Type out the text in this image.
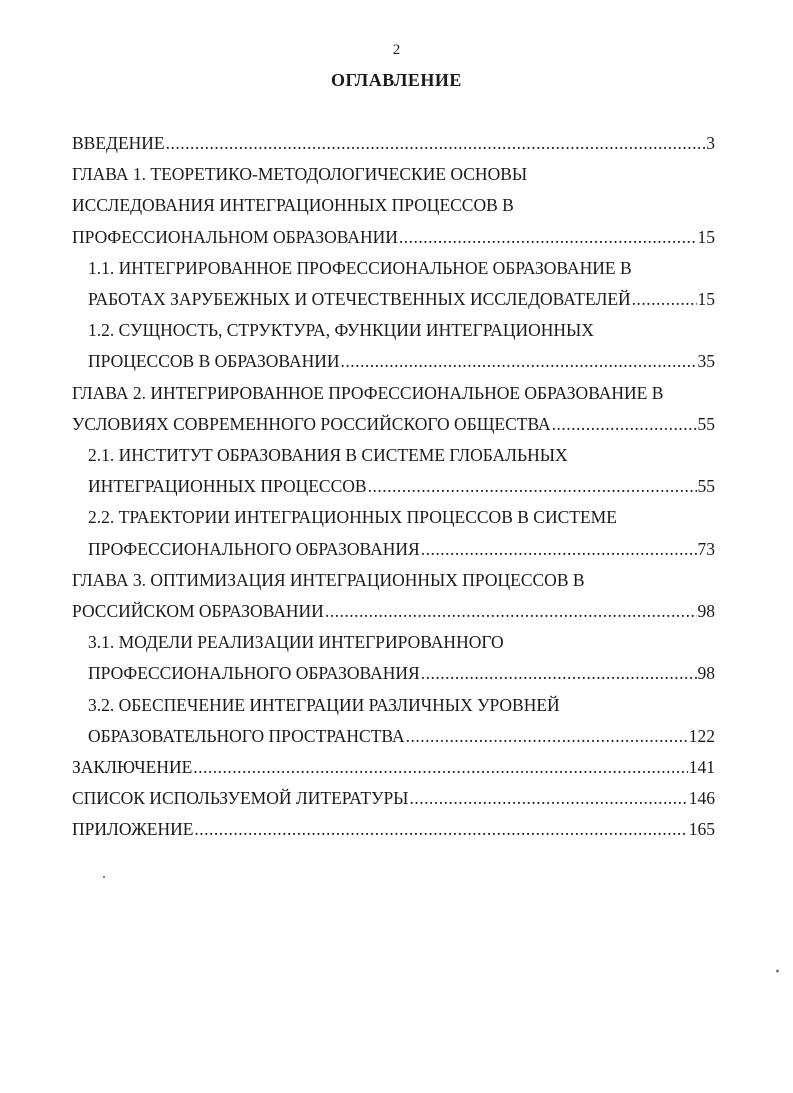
2
ОГЛАВЛЕНИЕ
ВВЕДЕНИЕ .....	3
ГЛАВА 1. ТЕОРЕТИКО-МЕТОДОЛОГИЧЕСКИЕ ОСНОВЫ
ИССЛЕДОВАНИЯ ИНТЕГРАЦИОННЫХ ПРОЦЕССОВ В
ПРОФЕССИОНАЛЬНОМ ОБРАЗОВАНИИ .....	15
1.1. ИНТЕГРИРОВАННОЕ ПРОФЕССИОНАЛЬНОЕ ОБРАЗОВАНИЕ В
РАБОТАХ ЗАРУБЕЖНЫХ И ОТЕЧЕСТВЕННЫХ ИССЛЕДОВАТЕЛЕЙ .....	15
1.2. СУЩНОСТЬ, СТРУКТУРА, ФУНКЦИИ ИНТЕГРАЦИОННЫХ
ПРОЦЕССОВ В ОБРАЗОВАНИИ .....	35
ГЛАВА 2. ИНТЕГРИРОВАННОЕ ПРОФЕССИОНАЛЬНОЕ ОБРАЗОВАНИЕ В
УСЛОВИЯХ СОВРЕМЕННОГО РОССИЙСКОГО ОБЩЕСТВА .....	55
2.1. ИНСТИТУТ ОБРАЗОВАНИЯ В СИСТЕМЕ ГЛОБАЛЬНЫХ
ИНТЕГРАЦИОННЫХ ПРОЦЕССОВ .....	55
2.2. ТРАЕКТОРИИ ИНТЕГРАЦИОННЫХ ПРОЦЕССОВ В СИСТЕМЕ
ПРОФЕССИОНАЛЬНОГО ОБРАЗОВАНИЯ .....	73
ГЛАВА 3. ОПТИМИЗАЦИЯ ИНТЕГРАЦИОННЫХ ПРОЦЕССОВ В
РОССИЙСКОМ ОБРАЗОВАНИИ .....	98
3.1. МОДЕЛИ РЕАЛИЗАЦИИ ИНТЕГРИРОВАННОГО
ПРОФЕССИОНАЛЬНОГО ОБРАЗОВАНИЯ .....	98
3.2. ОБЕСПЕЧЕНИЕ ИНТЕГРАЦИИ РАЗЛИЧНЫХ УРОВНЕЙ
ОБРАЗОВАТЕЛЬНОГО ПРОСТРАНСТВА .....	122
ЗАКЛЮЧЕНИЕ .....	141
СПИСОК ИСПОЛЬЗУЕМОЙ ЛИТЕРАТУРЫ .....	146
ПРИЛОЖЕНИЕ .....	165
